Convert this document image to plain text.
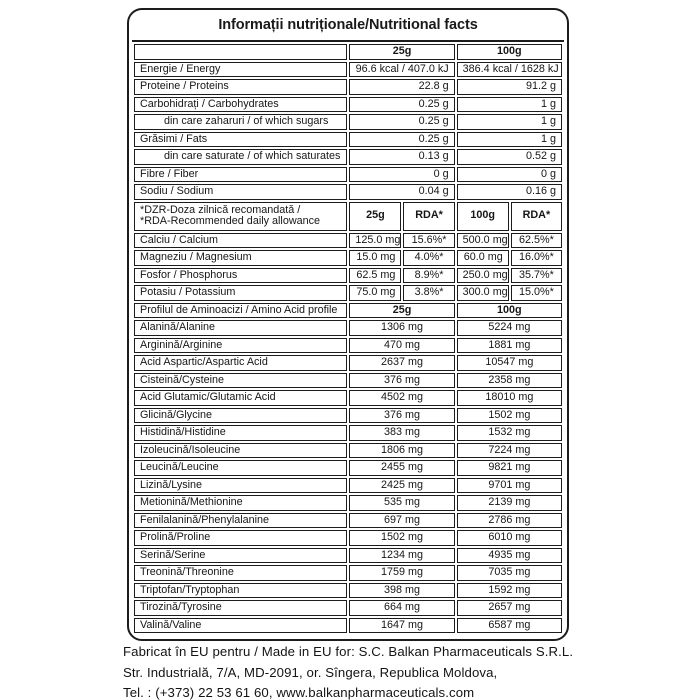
Informații nutriționale/Nutritional facts
	25g		100g	
Energie / Energy	96.6 kcal / 407.0 kJ		386.4 kcal / 1628 kJ	
Proteine / Proteins	22.8 g		91.2 g	
Carbohidrați / Carbohydrates	0.25 g		1 g	
din care zaharuri / of which sugars	0.25 g		1 g	
Grăsimi / Fats	0.25 g		1 g	
din care saturate / of which saturates	0.13 g		0.52 g	
Fibre / Fiber	0 g		0 g	
Sodiu / Sodium	0.04 g		0.16 g	

*DZR-Doza zilnică recomandată /
*RDA-Recommended daily allowance	25g	RDA*	100g	RDA*
Calciu / Calcium	125.0 mg	15.6%*	500.0 mg	62.5%*
Magneziu / Magnesium	15.0 mg	4.0%*	60.0 mg	16.0%*
Fosfor / Phosphorus	62.5 mg	8.9%*	250.0 mg	35.7%*
Potasiu / Potassium	75.0 mg	3.8%*	300.0 mg	15.0%*
Profilul de Aminoacizi / Amino Acid profile	25g		100g	
Alanină/Alanine	1306 mg		5224 mg	
Arginină/Arginine	470 mg		1881 mg	
Acid Aspartic/Aspartic Acid	2637 mg		10547 mg	
Cisteină/Cysteine	376 mg		2358 mg	
Acid Glutamic/Glutamic Acid	4502 mg		18010 mg	
Glicină/Glycine	376 mg		1502 mg	
Histidină/Histidine	383 mg		1532 mg	
Izoleucină/Isoleucine	1806 mg		7224 mg	
Leucină/Leucine	2455 mg		9821 mg	
Lizină/Lysine	2425 mg		9701 mg	
Metionină/Methionine	535 mg		2139 mg	
Fenilalanină/Phenylalanine	697 mg		2786 mg	
Prolină/Proline	1502 mg		6010 mg	
Serină/Serine	1234 mg		4935 mg	
Treonină/Threonine	1759 mg		7035 mg	
Triptofan/Tryptophan	398 mg		1592 mg	
Tirozină/Tyrosine	664 mg		2657 mg	
Valină/Valine	1647 mg		6587 mg	
Fabricat în EU pentru / Made in EU for: S.C. Balkan Pharmaceuticals S.R.L.
Str. Industrială, 7/A, MD-2091, or. Sîngera, Republica Moldova,
Tel. : (+373) 22 53 61 60, www.balkanpharmaceuticals.com
